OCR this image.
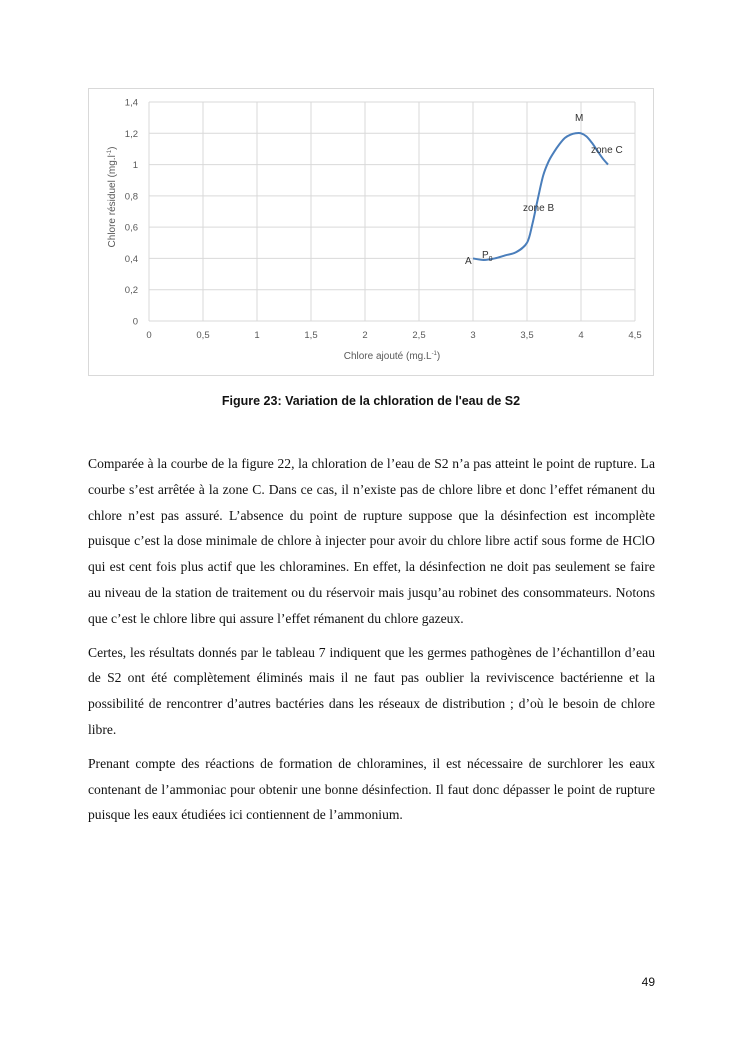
0
0,2
0,4
0,6
0,8
1
1,2
1,4
0	0,5	1	1,5	2	2,5	3	3,5	4	4,5
A
$P_0$
zone B
zone C
M
Chlore ajouté $(mg.L^{-1})$
Chlore résiduel $(mg.l^{-1})$
Figure 23: Variation de la chloration de l'eau de S2

Comparée à la courbe de la figure 22, la chloration de l’eau de S2 n’a pas atteint le point de rupture. La courbe s’est arrêtée à la zone C. Dans ce cas, il n’existe pas de chlore libre et donc l’effet rémanent du chlore n’est pas assuré. L’absence du point de rupture suppose que la désinfection est incomplète puisque c’est la dose minimale de chlore à injecter pour avoir du chlore libre actif sous forme de HClO qui est cent fois plus actif que les chloramines. En effet, la désinfection ne doit pas seulement se faire au niveau de la station de traitement ou du réservoir mais jusqu’au robinet des consommateurs. Notons que c’est le chlore libre qui assure l’effet rémanent du chlore gazeux.

Certes, les résultats donnés par le tableau 7 indiquent que les germes pathogènes de l’échantillon d’eau de S2 ont été complètement éliminés mais il ne faut pas oublier la reviviscence bactérienne et la possibilité de rencontrer d’autres bactéries dans les réseaux de distribution ; d’où le besoin de chlore libre.

Prenant compte des réactions de formation de chloramines, il est nécessaire de surchlorer les eaux contenant de l’ammoniac pour obtenir une bonne désinfection. Il faut donc dépasser le point de rupture puisque les eaux étudiées ici contiennent de l’ammonium.

49
